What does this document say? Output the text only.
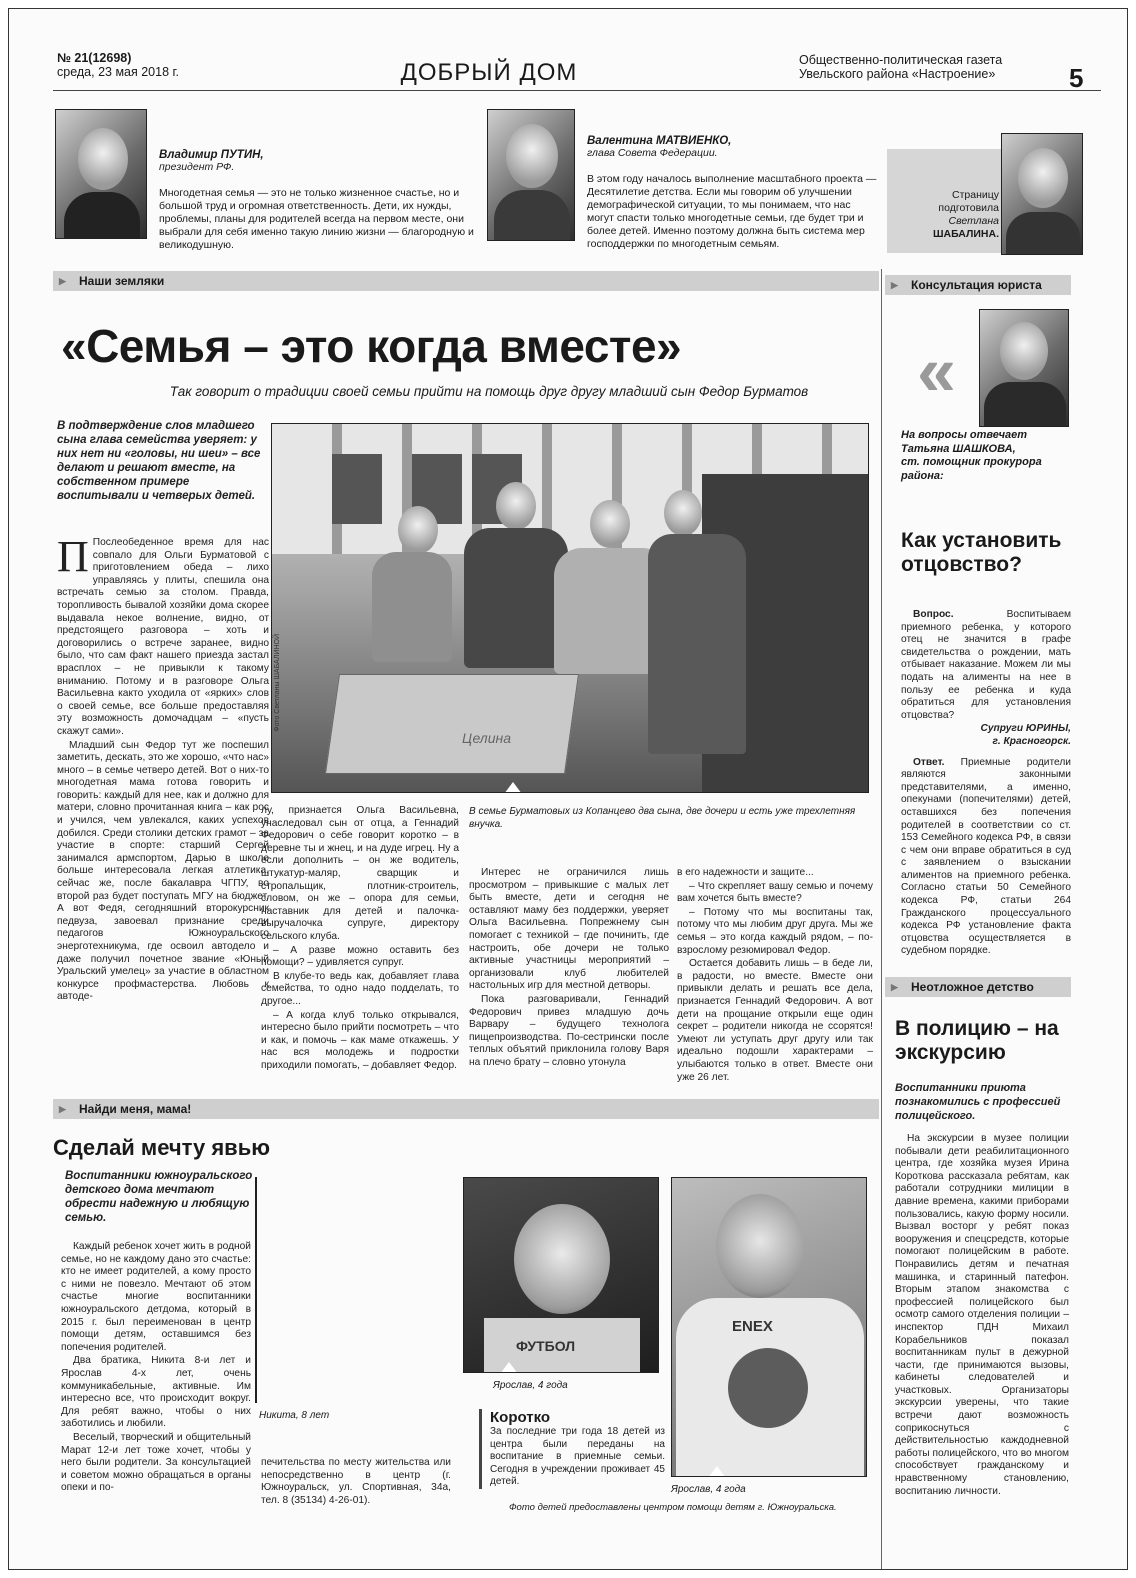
№ 21(12698)
среда, 23 мая 2018 г.	ДОБРЫЙ ДОМ	Общественно-политическая газета
Увельского района «Настроение»	5
Владимир ПУТИН,
президент РФ.
Многодетная семья — это не только жизненное счастье, но и большой труд и огромная ответственность. Дети, их нужды, проблемы, планы для родителей всегда на первом месте, они выбрали для себя именно такую линию жизни — благородную и великодушную.
Валентина МАТВИЕНКО,
глава Совета Федерации.
В этом году началось выполнение масштабного проекта — Десятилетие детства. Если мы говорим об улучшении демографической ситуации, то мы понимаем, что нас могут спасти только многодетные семьи, где будет три и более детей. Именно поэтому должна быть система мер господдержки по многодетным семьям.
Страницу
подготовила
Светлана
ШАБАЛИНА.
▶ Наши земляки
▶	Консультация юриста
«Семья – это когда вместе»
Так говорит о традиции своей семьи прийти на помощь друг другу младший сын Федор Бурматов
В подтверждение слов младшего сына глава семейства уверяет: у них нет ни «головы, ни шеи» – все делают и решают вместе, на собственном примере воспитывали и четверых детей.

П Послеобеденное время для нас совпало для Ольги Бурматовой с приготовлением обеда – лихо управляясь у плиты, спешила она встречать семью за столом. Правда, торопливость бывалой хозяйки дома скорее выдавала некое волнение, видно, от предстоящего разговора – хоть и договорились о встрече заранее, видно было, что сам факт нашего приезда застал врасплох – не привыкли к такому вниманию. Потому и в разговоре Ольга Васильевна както уходила от «ярких» слов о своей семье, все больше предоставляя эту возможность домочадцам – «пусть скажут сами».

Младший сын Федор тут же поспешил заметить, дескать, это же хорошо, «что нас» много – в семье четверо детей. Вот о них-то многодетная мама готова говорить и говорить: каждый для нее, как и должно для матери, словно прочитанная книга – как рос и учился, чем увлекался, каких успехов добился. Среди столики детских грамот – за участие в спорте: старший Сергей занимался армспортом, Дарью в школе больше интересовала легкая атлетика, сейчас же, после бакалавра ЧГПУ, во второй раз будет поступать МГУ на бюджет. А вот Федя, сегодняшний второкурсник педвуза, завоевал признание среди педагогов Южноуральского энерготехникума, где освоил автодело и даже получил почетное звание «Юный Уральский умелец» за участие в областном конкурсе профмастерства. Любовь к автоде-

Целина
Фото Светланы ШАБАЛИНОЙ
В семье Бурматовых из Копанцево два сына, две дочери и есть уже трехлетняя внучка.

лу, признается Ольга Васильевна, унаследовал сын от отца, а Геннадий Федорович о себе говорит коротко – в деревне ты и жнец, и на дуде игрец. Ну а если дополнить – он же водитель, штукатур-маляр, сварщик и стропальщик, плотник-строитель, словом, он же – опора для семьи, наставник для детей и палочка-выручалочка супруге, директору сельского клуба.

– А разве можно оставить без помощи? – удивляется супруг.

В клубе-то ведь как, добавляет глава семейства, то одно надо подделать, то другое...

– А когда клуб только открывался, интересно было прийти посмотреть – что и как, и помочь – как маме откажешь. У нас вся молодежь и подростки приходили помогать, – добавляет Федор.

Интерес не ограничился лишь просмотром – привыкшие с малых лет быть вместе, дети и сегодня не оставляют маму без поддержки, уверяет Ольга Васильевна. Попрежнему сын помогает с техникой – где починить, где настроить, обе дочери не только активные участницы мероприятий – организовали клуб любителей настольных игр для местной детворы.

Пока разговаривали, Геннадий Федорович привез младшую дочь Варвару – будущего технолога пищепроизводства. По-сестрински после теплых объятий приклонила голову Варя на плечо брату – словно утонула

в его надежности и защите...

– Что скрепляет вашу семью и почему вам хочется быть вместе?

– Потому что мы воспитаны так, потому что мы любим друг друга. Мы же семья – это когда каждый рядом, – по-взрослому резюмировал Федор.

Остается добавить лишь – в беде ли, в радости, но вместе. Вместе они привыкли делать и решать все дела, признается Геннадий Федорович. А вот дети на прощание открыли еще один секрет – родители никогда не ссорятся! Умеют ли уступать друг другу или так идеально подошли характерами – улыбаются только в ответ. Вместе они уже 26 лет.

«
На вопросы отвечает
Татьяна ШАШКОВА,
ст. помощник прокурора района:
Как установить отцовство?

Вопрос.	Воспитываем приемного ребенка, у которого отец не значится в графе свидетельства о рождении, мать отбывает наказание. Можем ли мы подать на алименты на нее в пользу ее ребенка и куда обратиться для установления отцовства?

Супруги ЮРИНЫ,
г. Красногорск.

Ответ. Приемные родители являются законными представителями, а именно, опекунами (попечителями) детей, оставшихся без попечения родителей в соответствии со ст. 153 Семейного кодекса РФ, в связи с чем они вправе обратиться в суд с заявлением о взыскании алиментов на приемного ребенка. Согласно статьи 50 Семейного кодекса РФ, статьи 264 Гражданского процессуального кодекса РФ установление факта отцовства осуществляется в судебном порядке.

▶ Неотложное детство
В полицию – на экскурсию
Воспитанники приюта познакомились с профессией полицейского.

На экскурсии в музее полиции побывали дети реабилитационного центра, где хозяйка музея Ирина Короткова рассказала ребятам, как работали сотрудники милиции в давние времена, какими приборами пользовались, какую форму носили. Вызвал восторг у ребят показ вооружения и спецсредств, которые помогают полицейским в работе. Понравились детям и печатная машинка, и старинный патефон. Вторым этапом знакомства с профессией полицейского был осмотр самого отделения полиции – инспектор ПДН Михаил Корабельников показал воспитанникам пульт в дежурной части, где принимаются вызовы, кабинеты следователей и участковых. Организаторы экскурсии уверены, что такие встречи дают возможность соприкоснуться с действительностью каждодневной работы полицейского, что во многом способствует гражданскому и нравственному становлению, воспитанию личности.

▶ Найди меня, мама!
Сделай мечту явью
Воспитанники южноуральского детского дома мечтают обрести надежную и любящую семью.

Каждый ребенок хочет жить в родной семье, но не каждому дано это счастье: кто не имеет родителей, а кому просто с ними не повезло. Мечтают об этом счастье многие воспитанники южноуральского детдома, который в 2015 г. был переименован в центр помощи детям, оставшимся без попечения родителей.

Два братика, Никита 8-и лет и Ярослав 4-х лет, очень коммуникабельные, активные. Им интересно все, что происходит вокруг. Для ребят важно, чтобы о них заботились и любили.

Веселый, творческий и общительный Марат 12-и лет тоже хочет, чтобы у него были родители. За консультацией и советом можно обращаться в органы опеки и по-

Никита, 8 лет
ФУТБОЛ
Ярослав, 4 года
ENEX
Ярослав, 4 года

печительства по месту жительства или непосредственно в центр (г. Южноуральск, ул. Спортивная, 34а, тел. 8 (35134) 4-26-01).

Коротко
За последние три года 18 детей из центра были переданы на воспитание в приемные семьи. Сегодня в учреждении проживает 45 детей.
Фото детей предоставлены центром помощи детям г. Южноуральска.
